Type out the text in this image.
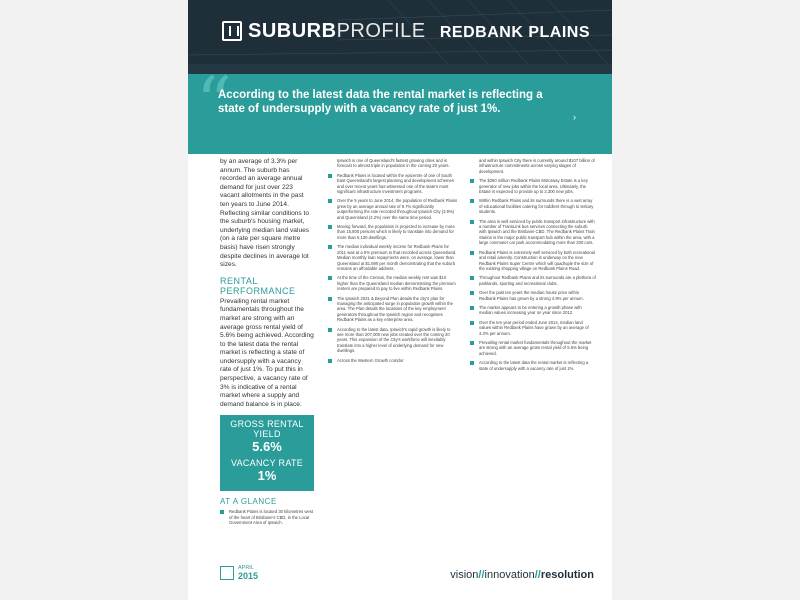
SUBURBPROFILE REDBANK PLAINS
“
According to the latest data the rental market is reflecting a state of undersupply with a vacancy rate of just 1%.
›

by an average of 3.3% per annum. The suburb has recorded an average annual demand for just over 223 vacant allotments in the past ten years to June 2014. Reflecting similar conditions to the suburb's housing market, underlying median land values (on a rate per square metre basis) have risen strongly despite declines in average lot sizes.

RENTAL PERFORMANCE

Prevailing rental market fundamentals throughout the market are strong with an average gross rental yield of 5.6% being achieved. According to the latest data the rental market is reflecting a state of undersupply with a vacancy rate of just 1%. To put this in perspective, a vacancy rate of 3% is indicative of a rental market where a supply and demand balance is in place.

GROSS RENTAL YIELD
5.6%
VACANCY RATE
1%
AT A GLANCE
Redbank Plains is located 30 kilometres west of the heart of Brisbane's CBD, in the Local Government Area of Ipswich.

Ipswich is one of Queensland's fastest growing cities and is forecast to almost triple in population in the coming 20 years.

Redbank Plains is located within the epicentre of one of South East Queensland's largest planning and development schemes and over recent years has witnessed one of the state's most significant infrastructure investment programs.
Over the 5 years to June 2014, the population of Redbank Plains grew by an average annual rate of 9.7% significantly outperforming the rate recorded throughout Ipswich City (3.9%) and Queensland (2.2%) over the same time period.
Moving forward, the population is projected to increase by more than 15,800 persons which is likely to translate into demand for more than 5,120 dwellings.
The median individual weekly income for Redbank Plains for 2011 was at a 5% premium to that recorded across Queensland. Median monthly loan repayments were, on average, lower than Queensland at $1,690 per month demonstrating that the suburb remains an affordable address.
At the time of the Census, the median weekly rent was $10 higher than the Queensland median demonstrating the premium renters are prepared to pay to live within Redbank Plains.
The Ipswich 2031 & Beyond Plan details the city's plan for managing the anticipated surge in population growth within the area. The Plan details the locations of the key employment generators throughout the Ipswich region and recognises Redbank Plains as a key enterprise area.
According to the latest data, Ipswich's rapid growth is likely to see more than 207,000 new jobs created over the coming 20 years. This expansion of the City's workforce will inevitably translate into a higher level of underlying demand for new dwellings.
Across the Western Growth corridor

and within Ipswich City there is currently around $107 billion of infrastructure commitments across varying stages of development.

The $250 million Redbank Plains Motorway Estate is a key generator of new jobs within the local area. Ultimately, the Estate is expected to provide up to 2,300 new jobs.
Within Redbank Plains and its surrounds there is a vast array of educational facilities catering for toddlers through to tertiary students.
The area is well serviced by public transport infrastructure with a number of TransLink bus services connecting the suburb with Ipswich and the Brisbane CBD. The Redbank Plains Train Station is the major public transport hub within the area, with a large commuter car park accommodating more than 200 cars.
Redbank Plains is extremely well serviced by both recreational and retail amenity. Construction is underway on the new Redbank Plains Super Centre which will quadruple the size of the existing shopping village on Redbank Plains Road.
Throughout Redbank Plains and its surrounds are a plethora of parklands, sporting and recreational clubs.
Over the past ten years the median house price within Redbank Plains has grown by a strong 4.9% per annum.
The market appears to be entering a growth phase with median values increasing year on year since 2012.
Over the ten year period ended June 2014, median land values within Redbank Plains have grown by an average of 3.3% per annum.
Prevailing rental market fundamentals throughout the market are strong with an average gross rental yield of 5.6% being achieved.
According to the latest data the rental market is reflecting a state of undersupply with a vacancy rate of just 1%.
APRIL
2015	vision//innovation//resolution
